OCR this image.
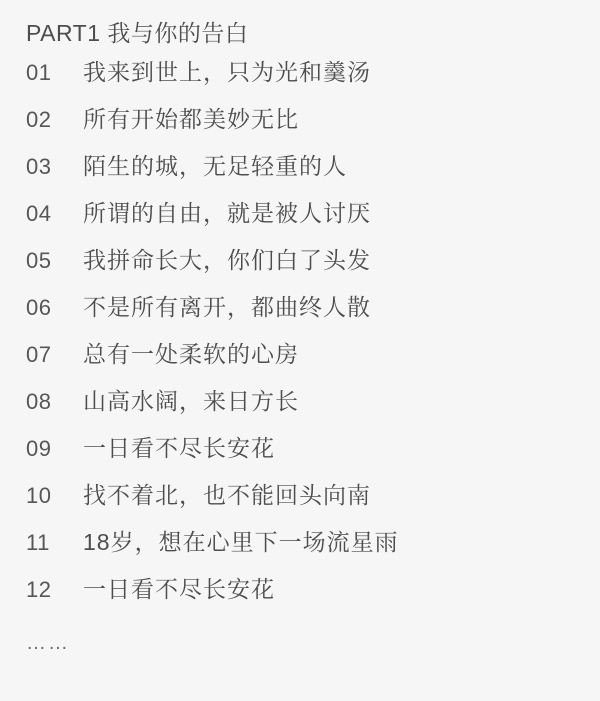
PART1 我与你的告白
01	我来到世上，只为光和羹汤
02	所有开始都美妙无比
03	陌生的城，无足轻重的人
04	所谓的自由，就是被人讨厌
05	我拼命长大，你们白了头发
06	不是所有离开，都曲终人散
07	总有一处柔软的心房
08	山高水阔，来日方长
09	一日看不尽长安花
10	找不着北，也不能回头向南
11	18岁，想在心里下一场流星雨
12	一日看不尽长安花
……
